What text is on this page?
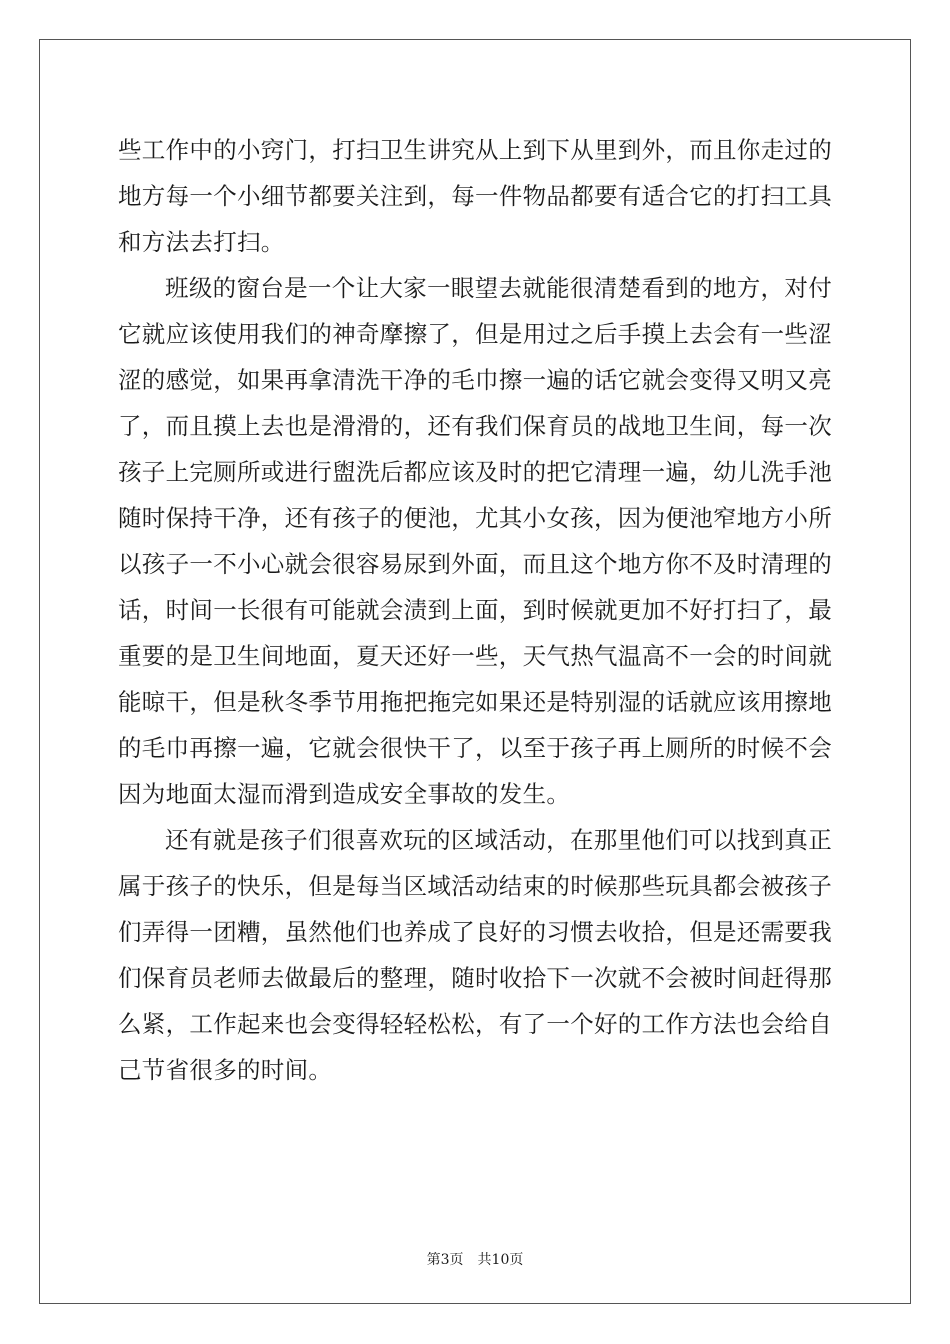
些工作中的小窍门，打扫卫生讲究从上到下从里到外，而且你走过的地方每一个小细节都要关注到，每一件物品都要有适合它的打扫工具和方法去打扫。

班级的窗台是一个让大家一眼望去就能很清楚看到的地方，对付它就应该使用我们的神奇摩擦了，但是用过之后手摸上去会有一些涩涩的感觉，如果再拿清洗干净的毛巾擦一遍的话它就会变得又明又亮了，而且摸上去也是滑滑的，还有我们保育员的战地卫生间，每一次孩子上完厕所或进行盥洗后都应该及时的把它清理一遍，幼儿洗手池随时保持干净，还有孩子的便池，尤其小女孩，因为便池窄地方小所以孩子一不小心就会很容易尿到外面，而且这个地方你不及时清理的话，时间一长很有可能就会渍到上面，到时候就更加不好打扫了，最重要的是卫生间地面，夏天还好一些，天气热气温高不一会的时间就能晾干，但是秋冬季节用拖把拖完如果还是特别湿的话就应该用擦地的毛巾再擦一遍，它就会很快干了，以至于孩子再上厕所的时候不会因为地面太湿而滑到造成安全事故的发生。

还有就是孩子们很喜欢玩的区域活动，在那里他们可以找到真正属于孩子的快乐，但是每当区域活动结束的时候那些玩具都会被孩子们弄得一团糟，虽然他们也养成了良好的习惯去收拾，但是还需要我们保育员老师去做最后的整理，随时收拾下一次就不会被时间赶得那么紧，工作起来也会变得轻轻松松，有了一个好的工作方法也会给自己节省很多的时间。

第3页 共10页
